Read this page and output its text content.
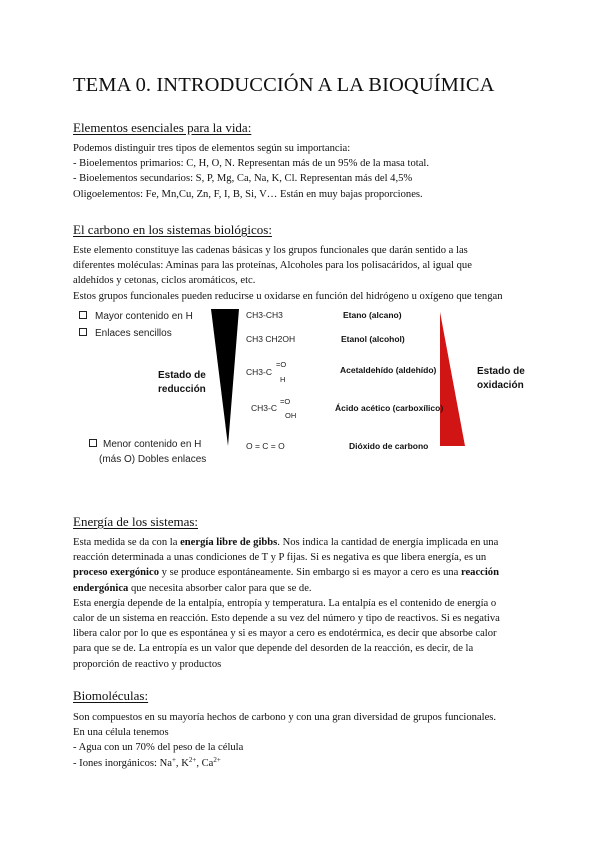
TEMA 0. INTRODUCCIÓN A LA BIOQUÍMICA
Elementos esenciales para la vida:
Podemos distinguir tres tipos de elementos según su importancia:
- Bioelementos primarios: C, H, O, N. Representan más de un 95% de la masa total.
- Bioelementos secundarios: S, P, Mg, Ca, Na, K, Cl. Representan más del 4,5%
Oligoelementos: Fe, Mn,Cu, Zn, F, I, B, Si, V… Están en muy bajas proporciones.
El carbono en los sistemas biológicos:
Este elemento constituye las cadenas básicas y los grupos funcionales que darán sentido a las
diferentes moléculas: Aminas para las proteínas, Alcoholes para los polisacáridos, al igual que
aldehídos y cetonas, ciclos aromáticos, etc.
Estos grupos funcionales pueden reducirse u oxidarse en función del hidrógeno u oxígeno que tengan
Mayor contenido en H
Enlaces sencillos
Menor contenido en H
(más O) Dobles enlaces
Estado de
reducción
Estado de
oxidación
CH3-CH3
CH3 CH2OH
CH3-C
=O
H
CH3-C
=O
OH
O = C = O
Etano (alcano)
Etanol (alcohol)
Acetaldehído (aldehído)
Ácido acético (carboxílico)
Dióxido de carbono
Energía de los sistemas:
Esta medida se da con la energía libre de gibbs. Nos indica la cantidad de energía implicada en una
reacción determinada a unas condiciones de T y P fijas. Si es negativa es que libera energía, es un
proceso exergónico y se produce espontáneamente. Sin embargo si es mayor a cero es una reacción
endergónica que necesita absorber calor para que se de.
Esta energía depende de la entalpía, entropía y temperatura. La entalpía es el contenido de energía o
calor de un sistema en reacción. Esto depende a su vez del número y tipo de reactivos. Si es negativa
libera calor por lo que es espontánea y si es mayor a cero es endotérmica, es decir que absorbe calor
para que se de. La entropía es un valor que depende del desorden de la reacción, es decir, de la
proporción de reactivo y productos
Biomoléculas:
Son compuestos en su mayoría hechos de carbono y con una gran diversidad de grupos funcionales.
En una célula tenemos
- Agua con un 70% del peso de la célula
- Iones inorgánicos: Na+, $K^{2+}$, $Ca^{2+}$
